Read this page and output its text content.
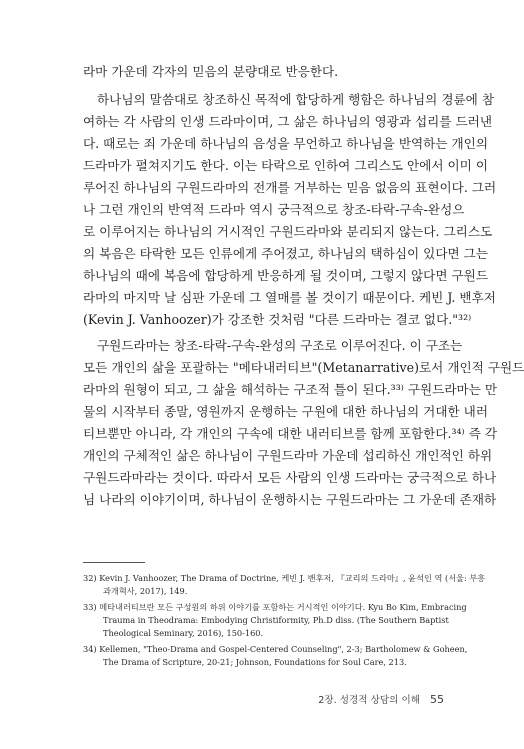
라마 가운데 각자의 믿음의 분량대로 반응한다.
하나님의 말씀대로 창조하신 목적에 합당하게 행함은 하나님의 경륜에 참
여하는 각 사람의 인생 드라마이며, 그 삶은 하나님의 영광과 섭리를 드러낸
다. 때로는 죄 가운데 하나님의 음성을 무언하고 하나님을 반역하는 개인의
드라마가 펼쳐지기도 한다. 이는 타락으로 인하여 그리스도 안에서 이미 이
루어진 하나님의 구원드라마의 전개를 거부하는 믿음 없음의 표현이다. 그러
나 그런 개인의 반역적 드라마 역시 궁극적으로 창조-타락-구속-완성으
로 이루어지는 하나님의 거시적인 구원드라마와 분리되지 않는다. 그리스도
의 복음은 타락한 모든 인류에게 주어졌고, 하나님의 택하심이 있다면 그는
하나님의 때에 복음에 합당하게 반응하게 될 것이며, 그렇지 않다면 구원드
라마의 마지막 날 심판 가운데 그 열매를 볼 것이기 때문이다. 케빈 J. 밴후저
(Kevin J. Vanhoozer)가 강조한 것처럼 "다른 드라마는 결코 없다."³²⁾
구원드라마는 창조-타락-구속-완성의 구조로 이루어진다. 이 구조는
모든 개인의 삶을 포괄하는 "메타내러티브"(Metanarrative)로서 개인적 구원드
라마의 원형이 되고, 그 삶을 해석하는 구조적 틀이 된다.³³⁾ 구원드라마는 만
물의 시작부터 종말, 영원까지 운행하는 구원에 대한 하나님의 거대한 내러
티브뿐만 아니라, 각 개인의 구속에 대한 내러티브를 함께 포함한다.³⁴⁾ 즉 각
개인의 구체적인 삶은 하나님이 구원드라마 가운데 섭리하신 개인적인 하위
구원드라마라는 것이다. 따라서 모든 사람의 인생 드라마는 궁극적으로 하나
님 나라의 이야기이며, 하나님이 운행하시는 구원드라마는 그 가운데 존재하
32) Kevin J. Vanhoozer, The Drama of Doctrine, 케빈 J. 밴후저, 『교리의 드라마』, 윤석인 역 (서울: 부흥
과개혁사, 2017), 149.
33) 메타내러티브란 모든 구성원의 하위 이야기를 포함하는 거시적인 이야기다. Kyu Bo Kim, Embracing
Trauma in Theodrama: Embodying Christiformity, Ph.D diss. (The Southern Baptist
Theological Seminary, 2016), 150-160.
34) Kellemen, "Theo-Drama and Gospel-Centered Counseling", 2-3; Bartholomew & Goheen,
The Drama of Scripture, 20-21; Johnson, Foundations for Soul Care, 213.
2장. 성경적 상담의 이해 55
